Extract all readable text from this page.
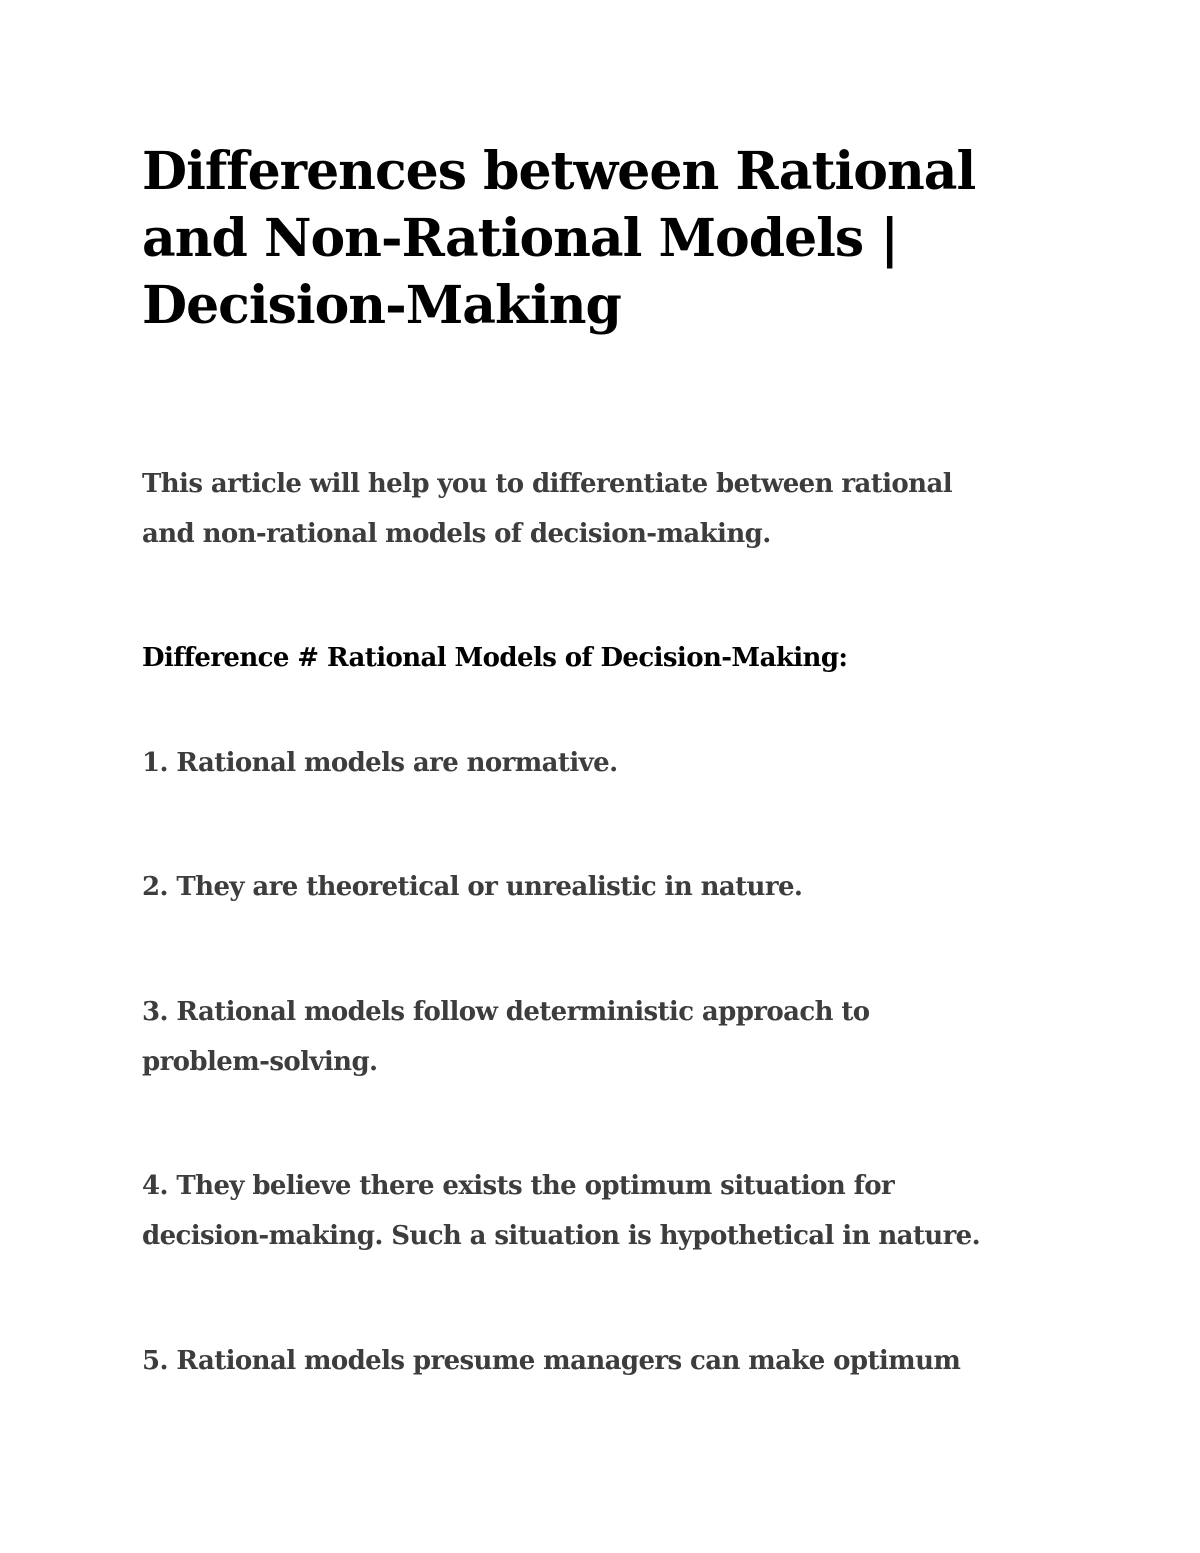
Differences between Rational
and Non-Rational Models |
Decision-Making

This article will help you to differentiate between rational
and non-rational models of decision-making.

Difference # Rational Models of Decision-Making:

1. Rational models are normative.

2. They are theoretical or unrealistic in nature.

3. Rational models follow deterministic approach to
problem-solving.

4. They believe there exists the optimum situation for
decision-making. Such a situation is hypothetical in nature.

5. Rational models presume managers can make optimum
